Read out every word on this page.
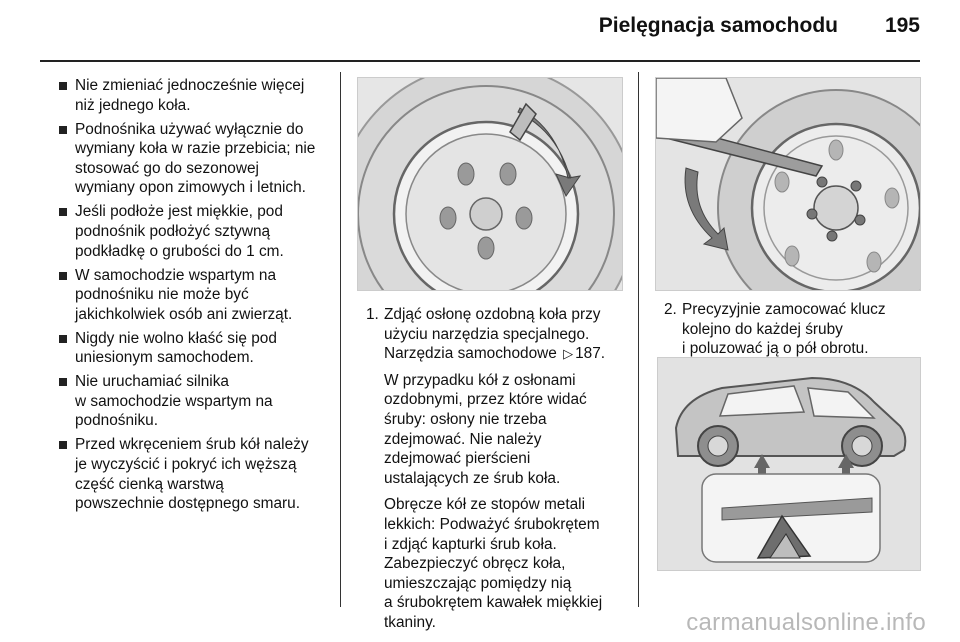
Pielęgnacja samochodu 195
Nie zmieniać jednocześnie więcej
niż jednego koła.
Podnośnika używać wyłącznie do
wymiany koła w razie przebicia; nie
stosować go do sezonowej
wymiany opon zimowych i letnich.
Jeśli podłoże jest miękkie, pod
podnośnik podłożyć sztywną
podkładkę o grubości do 1 cm.
W samochodzie wspartym na
podnośniku nie może być
jakichkolwiek osób ani zwierząt.
Nigdy nie wolno kłaść się pod
uniesionym samochodem.
Nie uruchamiać silnika
w samochodzie wspartym na
podnośniku.
Przed wkręceniem śrub kół należy
je wyczyścić i pokryć ich węższą
część cienką warstwą
powszechnie dostępnego smaru.
1. Zdjąć osłonę ozdobną koła przy
użyciu narzędzia specjalnego.
Narzędzia samochodowe ▷ 187.

W przypadku kół z osłonami
ozdobnymi, przez które widać
śruby: osłony nie trzeba
zdejmować. Nie należy
zdejmować pierścieni
ustalających ze śrub koła.

Obręcze kół ze stopów metali
lekkich: Podważyć śrubokrętem
i zdjąć kapturki śrub koła.
Zabezpieczyć obręcz koła,
umieszczając pomiędzy nią
a śrubokrętem kawałek miękkiej
tkaniny.

2. Precyzyjnie zamocować klucz
kolejno do każdej śruby
i poluzować ją o pół obrotu.

carmanualsonline.info
